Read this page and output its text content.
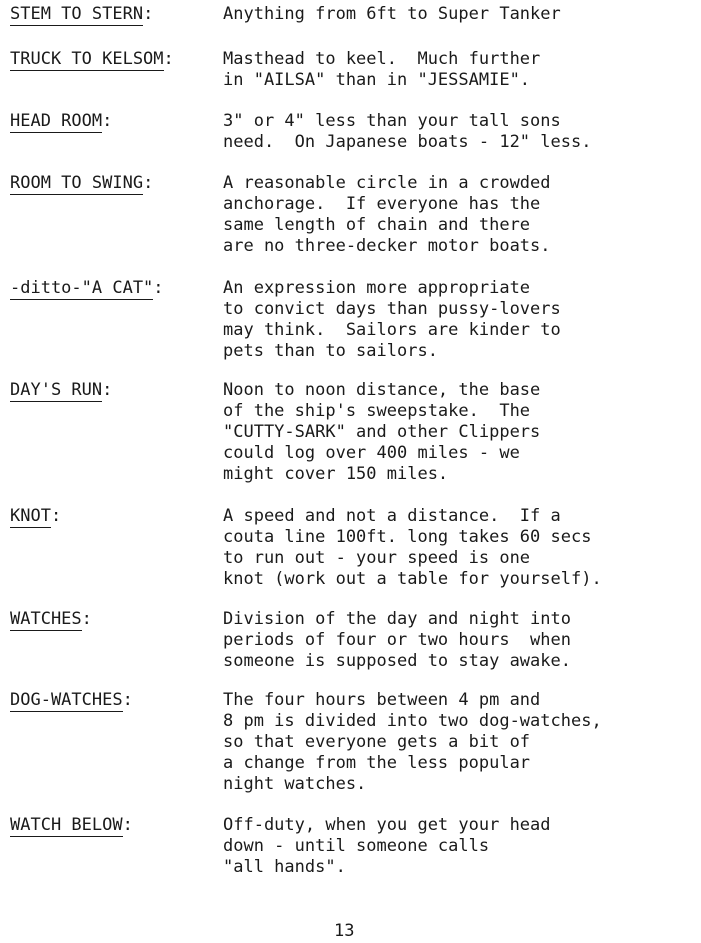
STEM TO STERN:	Anything from 6ft to Super Tanker
TRUCK TO KELSOM:	Masthead to keel.  Much further
in "AILSA" than in "JESSAMIE".
HEAD ROOM:	3" or 4" less than your tall sons
need.  On Japanese boats - 12" less.
ROOM TO SWING:	A reasonable circle in a crowded
anchorage.  If everyone has the
same length of chain and there
are no three-decker motor boats.
-ditto-"A CAT":	An expression more appropriate
to convict days than pussy-lovers
may think.  Sailors are kinder to
pets than to sailors.
DAY'S RUN:	Noon to noon distance, the base
of the ship's sweepstake.  The
"CUTTY-SARK" and other Clippers
could log over 400 miles - we
might cover 150 miles.
KNOT:	A speed and not a distance.  If a
couta line 100ft. long takes 60 secs
to run out - your speed is one
knot (work out a table for yourself).
WATCHES:	Division of the day and night into
periods of four or two hours  when
someone is supposed to stay awake.
DOG-WATCHES:	The four hours between 4 pm and
8 pm is divided into two dog-watches,
so that everyone gets a bit of
a change from the less popular
night watches.
WATCH BELOW:	Off-duty, when you get your head
down - until someone calls
"all hands".
13
